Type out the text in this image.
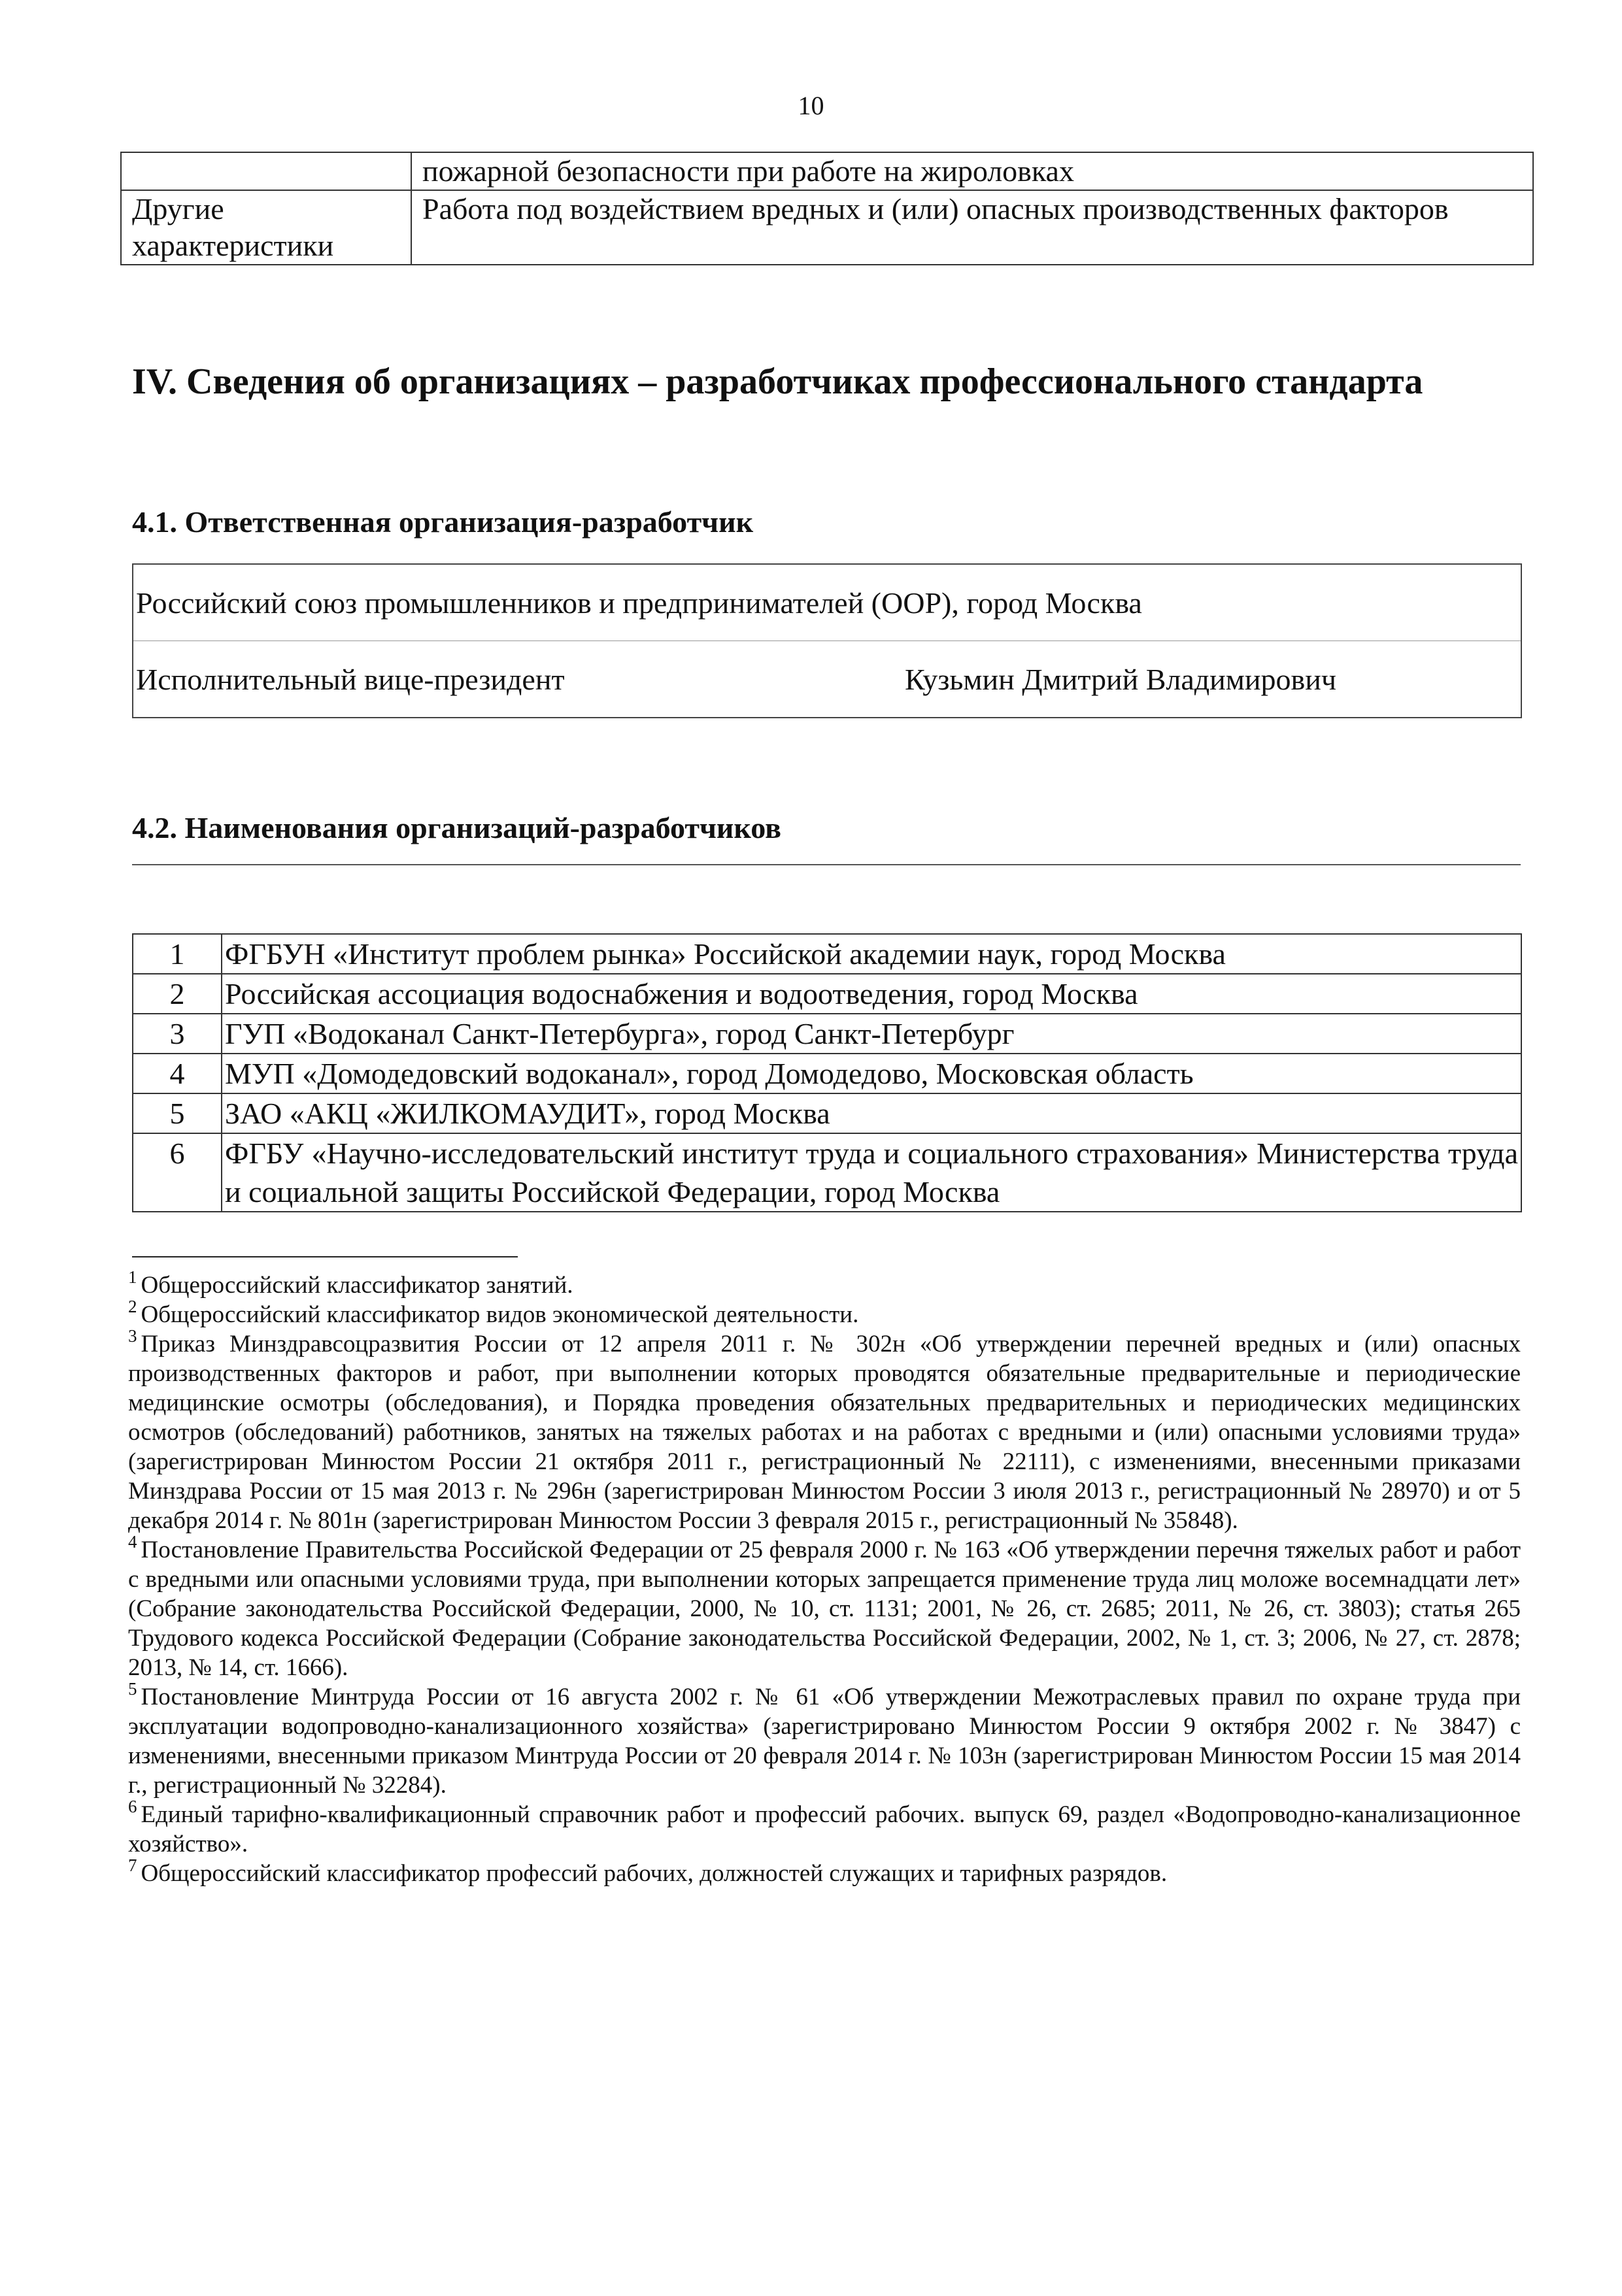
10
	пожарной безопасности при работе на жироловках

Другие
характеристики	Работа под воздействием вредных и (или) опасных производственных факторов
IV. Сведения об организациях – разработчиках профессионального стандарта
4.1. Ответственная организация-разработчик
Российский союз промышленников и предпринимателей (ООР), город Москва
Исполнительный вице-президент	Кузьмин Дмитрий Владимирович
4.2. Наименования организаций-разработчиков
1	ФГБУН «Институт проблем рынка» Российской академии наук, город Москва
2	Российская ассоциация водоснабжения и водоотведения, город Москва
3	ГУП «Водоканал Санкт-Петербурга», город Санкт-Петербург
4	МУП «Домодедовский водоканал», город Домодедово, Московская область
5	ЗАО «АКЦ «ЖИЛКОМАУДИТ», город Москва
6	ФГБУ «Научно-исследовательский институт труда и социального страхования» Министерства труда и социальной защиты Российской Федерации, город Москва

$^1$ Общероссийский классификатор занятий.

$^2$ Общероссийский классификатор видов экономической деятельности.

$^3$ Приказ Минздравсоцразвития России от 12 апреля 2011 г. № 302н «Об утверждении перечней вредных и (или) опасных производственных факторов и работ, при выполнении которых проводятся обязательные предварительные и периодические медицинские осмотры (обследования), и Порядка проведения обязательных предварительных и периодических медицинских осмотров (обследований) работников, занятых на тяжелых работах и на работах с вредными и (или) опасными условиями труда» (зарегистрирован Минюстом России 21 октября 2011 г., регистрационный № 22111), с изменениями, внесенными приказами Минздрава России от 15 мая 2013 г. № 296н (зарегистрирован Минюстом России 3 июля 2013 г., регистрационный № 28970) и от 5 декабря 2014 г. № 801н (зарегистрирован Минюстом России 3 февраля 2015 г., регистрационный № 35848).

$^4$ Постановление Правительства Российской Федерации от 25 февраля 2000 г. № 163 «Об утверждении перечня тяжелых работ и работ с вредными или опасными условиями труда, при выполнении которых запрещается применение труда лиц моложе восемнадцати лет» (Собрание законодательства Российской Федерации, 2000, № 10, ст. 1131; 2001, № 26, ст. 2685; 2011, № 26, ст. 3803); статья 265 Трудового кодекса Российской Федерации (Собрание законодательства Российской Федерации, 2002, № 1, ст. 3; 2006, № 27, ст. 2878; 2013, № 14, ст. 1666).

$^5$ Постановление Минтруда России от 16 августа 2002 г. № 61 «Об утверждении Межотраслевых правил по охране труда при эксплуатации водопроводно-канализационного хозяйства» (зарегистрировано Минюстом России 9 октября 2002 г. № 3847) с изменениями, внесенными приказом Минтруда России от 20 февраля 2014 г. № 103н (зарегистрирован Минюстом России 15 мая 2014 г., регистрационный № 32284).

$^6$ Единый тарифно-квалификационный справочник работ и профессий рабочих. выпуск 69, раздел «Водопроводно-канализационное хозяйство».

$^7$ Общероссийский классификатор профессий рабочих, должностей служащих и тарифных разрядов.
